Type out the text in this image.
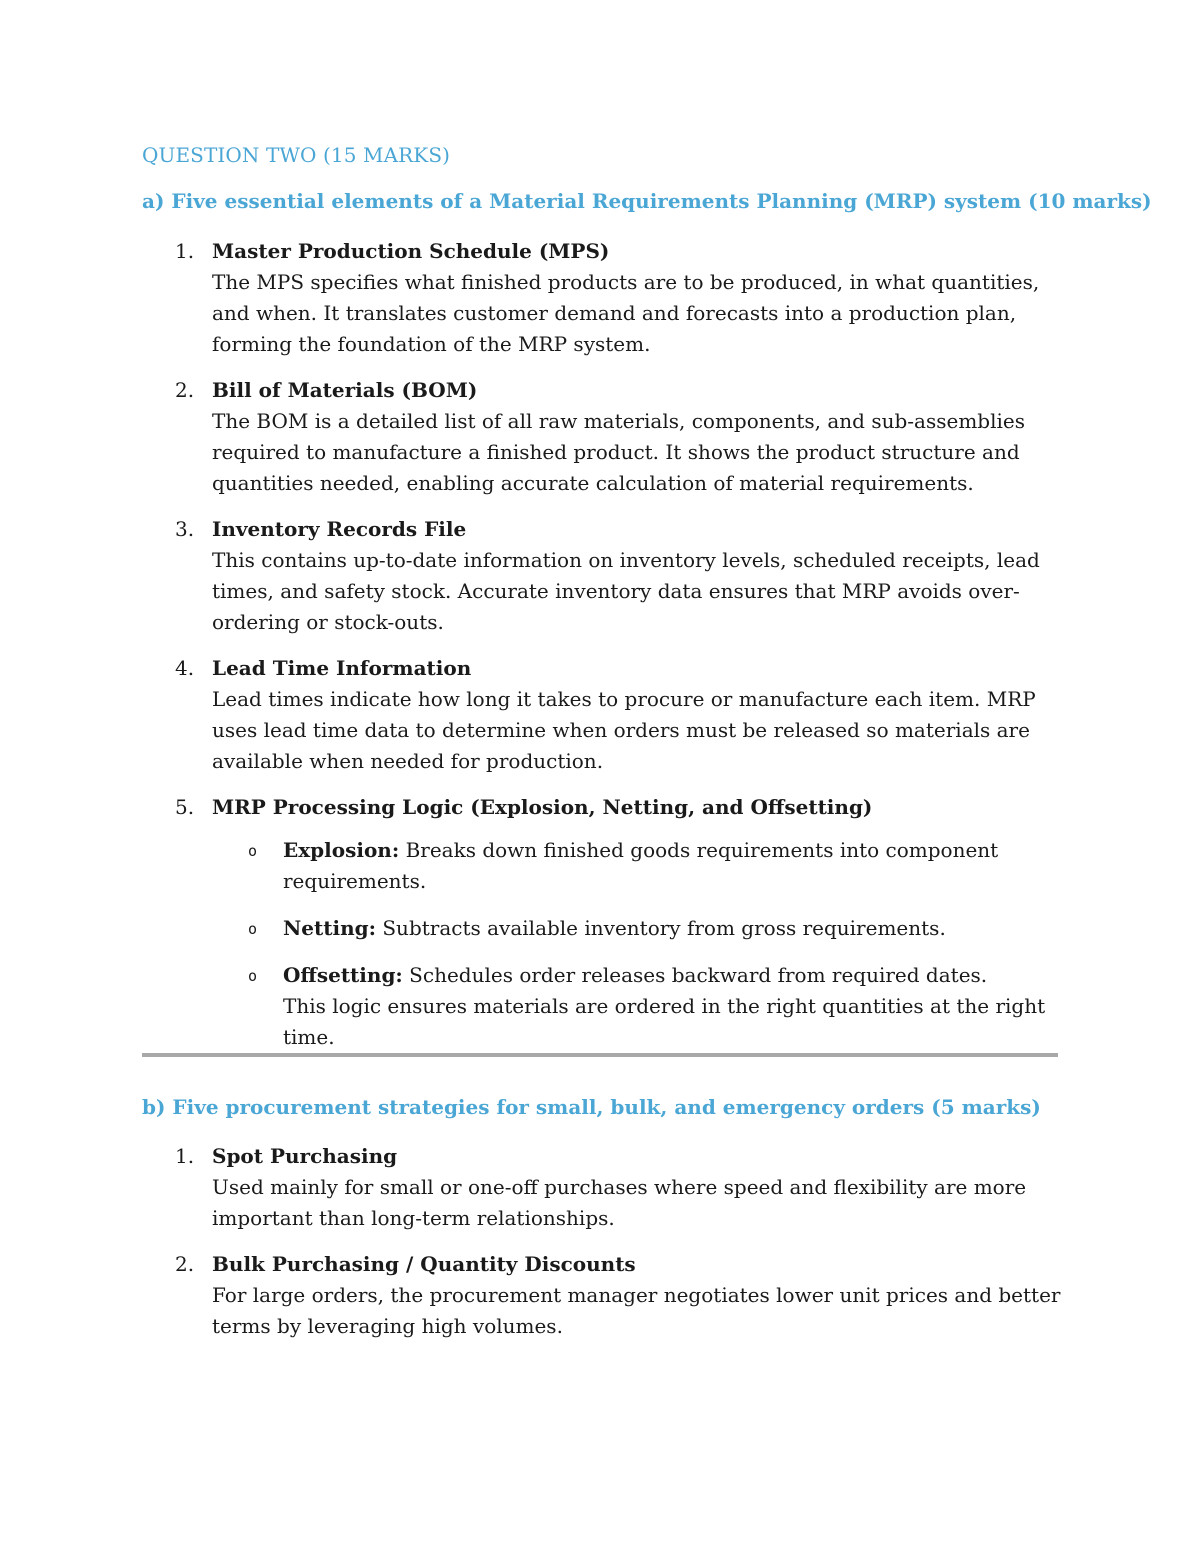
QUESTION TWO (15 MARKS)
a) Five essential elements of a Material Requirements Planning (MRP) system (10 marks)
1. Master Production Schedule (MPS)
The MPS specifies what finished products are to be produced, in what quantities, and when. It translates customer demand and forecasts into a production plan, forming the foundation of the MRP system.
2. Bill of Materials (BOM)
The BOM is a detailed list of all raw materials, components, and sub-assemblies required to manufacture a finished product. It shows the product structure and quantities needed, enabling accurate calculation of material requirements.
3. Inventory Records File
This contains up-to-date information on inventory levels, scheduled receipts, lead times, and safety stock. Accurate inventory data ensures that MRP avoids over-ordering or stock-outs.
4. Lead Time Information
Lead times indicate how long it takes to procure or manufacture each item. MRP uses lead time data to determine when orders must be released so materials are available when needed for production.
5. MRP Processing Logic (Explosion, Netting, and Offsetting)
o Explosion: Breaks down finished goods requirements into component requirements.
o Netting: Subtracts available inventory from gross requirements.
o Offsetting: Schedules order releases backward from required dates.
This logic ensures materials are ordered in the right quantities at the right time.
b) Five procurement strategies for small, bulk, and emergency orders (5 marks)
1. Spot Purchasing
Used mainly for small or one-off purchases where speed and flexibility are more important than long-term relationships.
2. Bulk Purchasing / Quantity Discounts
For large orders, the procurement manager negotiates lower unit prices and better terms by leveraging high volumes.
